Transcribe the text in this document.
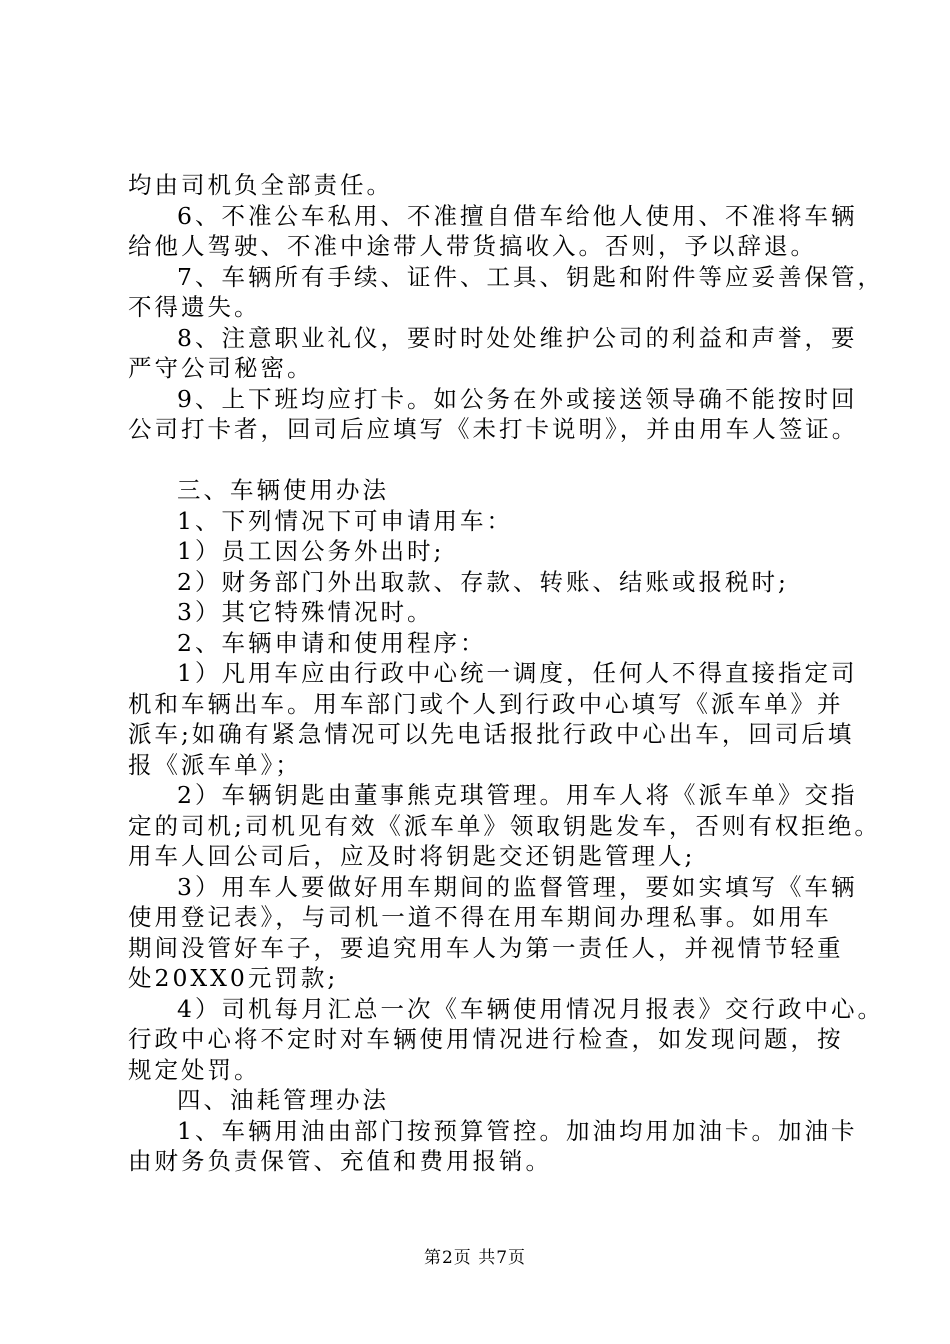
均由司机负全部责任。
6、不准公车私用、不准擅自借车给他人使用、不准将车辆
给他人驾驶、不准中途带人带货搞收入。否则，予以辞退。
7、车辆所有手续、证件、工具、钥匙和附件等应妥善保管，
不得遗失。
8、注意职业礼仪，要时时处处维护公司的利益和声誉，要
严守公司秘密。
9、上下班均应打卡。如公务在外或接送领导确不能按时回
公司打卡者，回司后应填写《未打卡说明》，并由用车人签证。
三、车辆使用办法
1、下列情况下可申请用车：
1）员工因公务外出时;
2）财务部门外出取款、存款、转账、结账或报税时;
3）其它特殊情况时。
2、车辆申请和使用程序：
1）凡用车应由行政中心统一调度，任何人不得直接指定司
机和车辆出车。用车部门或个人到行政中心填写《派车单》并
派车;如确有紧急情况可以先电话报批行政中心出车，回司后填
报《派车单》；
2）车辆钥匙由董事熊克琪管理。用车人将《派车单》交指
定的司机;司机见有效《派车单》领取钥匙发车，否则有权拒绝。
用车人回公司后，应及时将钥匙交还钥匙管理人;
3）用车人要做好用车期间的监督管理，要如实填写《车辆
使用登记表》，与司机一道不得在用车期间办理私事。如用车
期间没管好车子，要追究用车人为第一责任人，并视情节轻重
处20XX0元罚款;
4）司机每月汇总一次《车辆使用情况月报表》交行政中心。
行政中心将不定时对车辆使用情况进行检查，如发现问题，按
规定处罚。
四、油耗管理办法
1、车辆用油由部门按预算管控。加油均用加油卡。加油卡
由财务负责保管、充值和费用报销。
第2页 共7页
